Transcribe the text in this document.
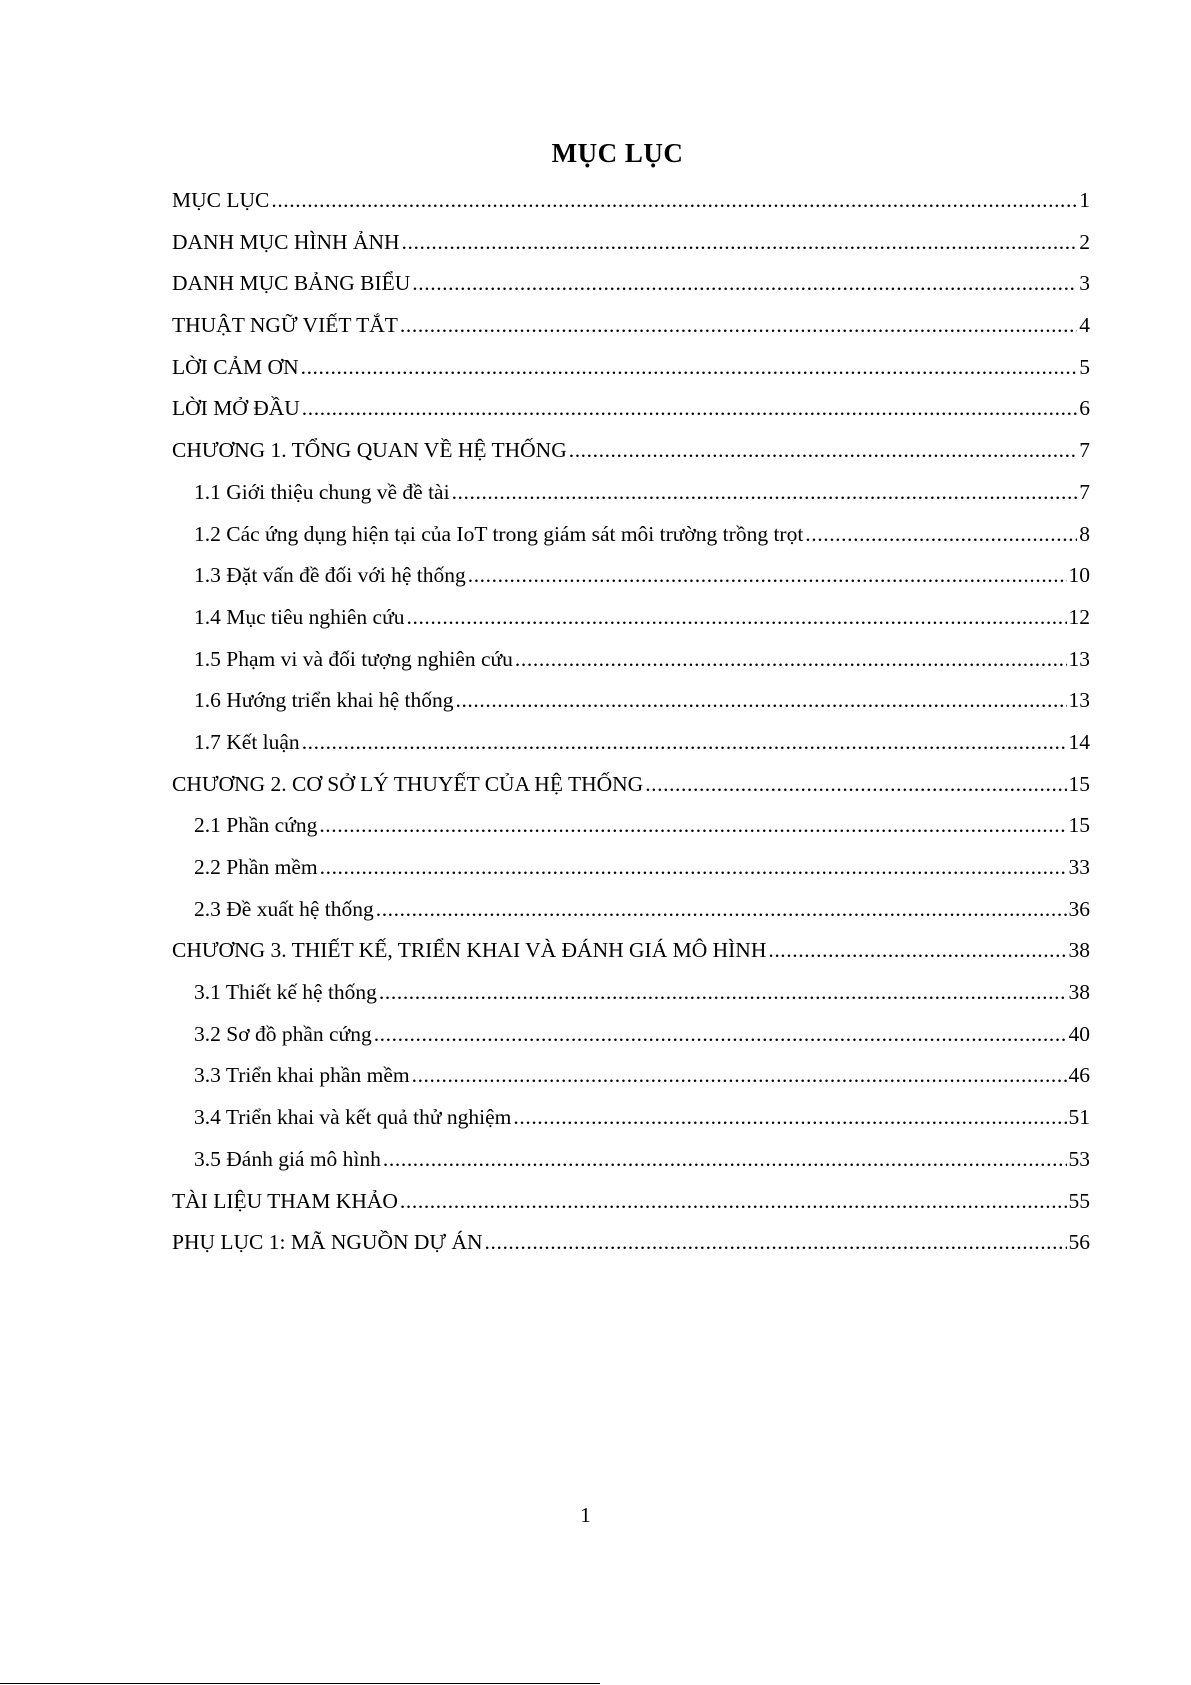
MỤC LỤC
MỤC LỤC .....	1
DANH MỤC HÌNH ẢNH .....	2
DANH MỤC BẢNG BIỂU .....	3
THUẬT NGỮ VIẾT TẮT .....	4
LỜI CẢM ƠN .....	5
LỜI MỞ ĐẦU .....	6
CHƯƠNG 1. TỔNG QUAN VỀ HỆ THỐNG .....	7
1.1 Giới thiệu chung về đề tài .....	7
1.2 Các ứng dụng hiện tại của IoT trong giám sát môi trường trồng trọt .....	8
1.3 Đặt vấn đề đối với hệ thống .....	10
1.4 Mục tiêu nghiên cứu .....	12
1.5 Phạm vi và đối tượng nghiên cứu .....	13
1.6 Hướng triển khai hệ thống .....	13
1.7 Kết luận .....	14
CHƯƠNG 2. CƠ SỞ LÝ THUYẾT CỦA HỆ THỐNG .....	15
2.1 Phần cứng .....	15
2.2 Phần mềm .....	33
2.3 Đề xuất hệ thống .....	36
CHƯƠNG 3. THIẾT KẾ, TRIỂN KHAI VÀ ĐÁNH GIÁ MÔ HÌNH .....	38
3.1 Thiết kế hệ thống .....	38
3.2 Sơ đồ phần cứng .....	40
3.3 Triển khai phần mềm .....	46
3.4 Triển khai và kết quả thử nghiệm .....	51
3.5 Đánh giá mô hình .....	53
TÀI LIỆU THAM KHẢO .....	55
PHỤ LỤC 1: MÃ NGUỒN DỰ ÁN .....	56
1
